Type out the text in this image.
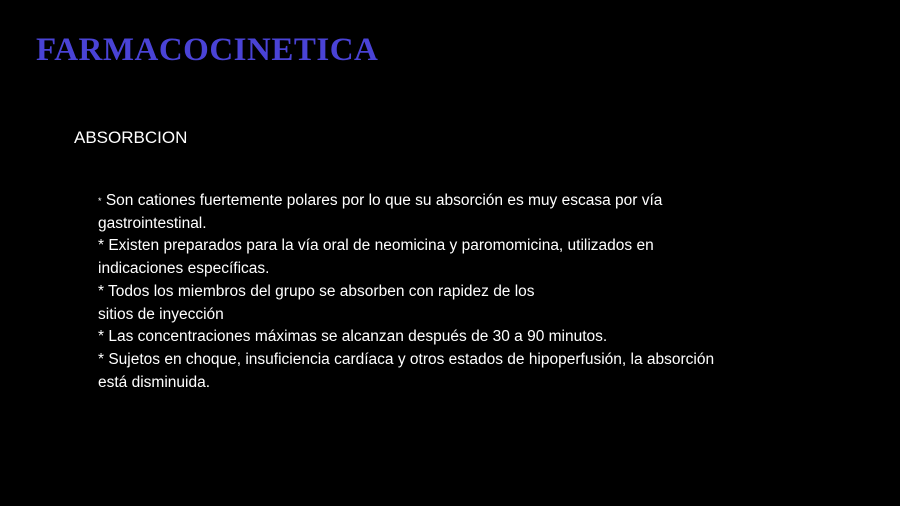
FARMACOCINETICA
ABSORBCION
* Son cationes fuertemente polares por lo que su absorción es muy escasa por vía
gastrointestinal.
* Existen preparados para la vía oral de neomicina y paromomicina, utilizados en
indicaciones específicas.
* Todos los miembros del grupo se absorben con rapidez de los
sitios de inyección
* Las concentraciones máximas se alcanzan después de 30 a 90 minutos.
* Sujetos en choque, insuficiencia cardíaca y otros estados de hipoperfusión, la absorción
está disminuida.
